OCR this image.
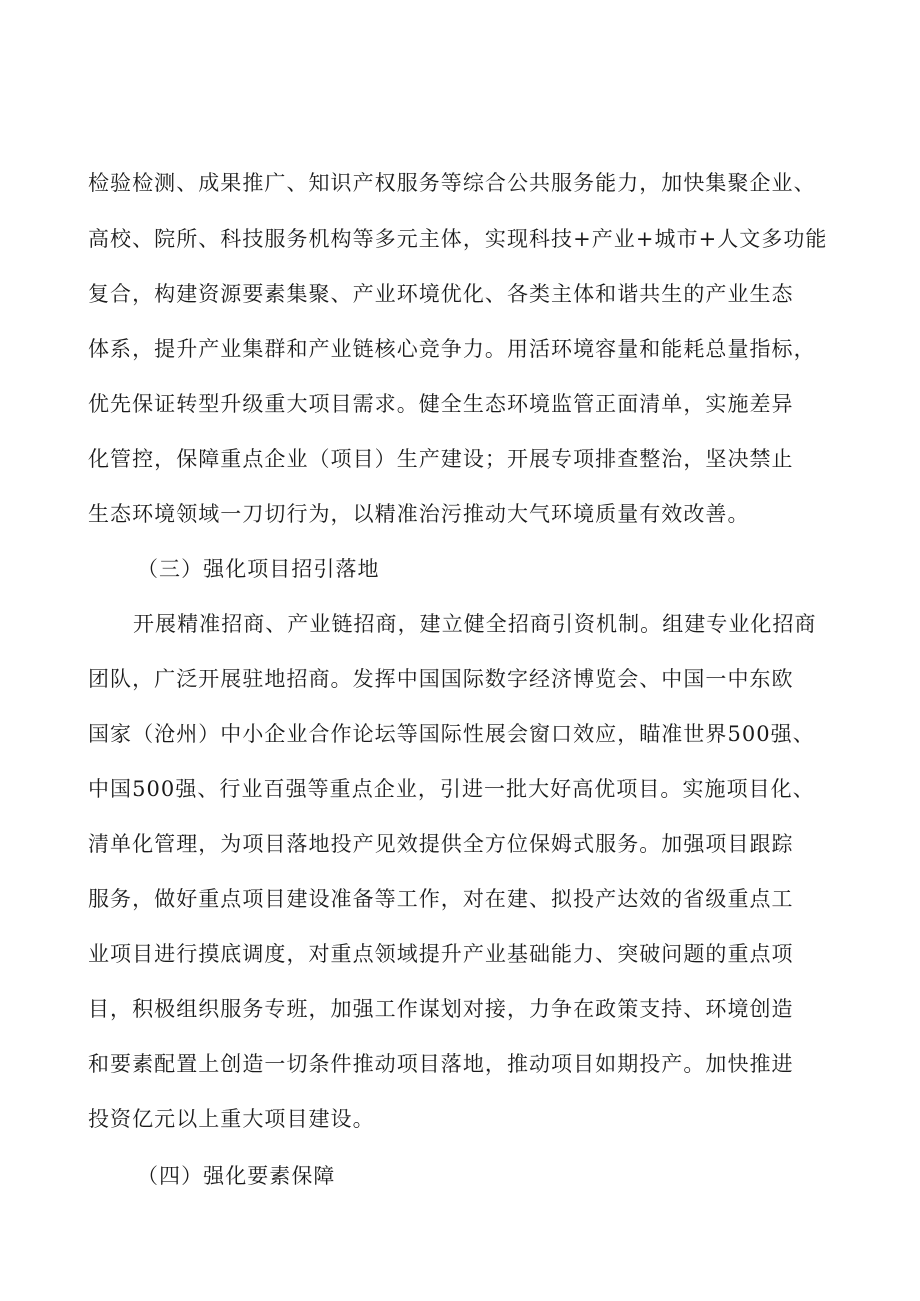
检验检测、成果推广、知识产权服务等综合公共服务能力，加快集聚企业、
高校、院所、科技服务机构等多元主体，实现科技+产业+城市+人文多功能
复合，构建资源要素集聚、产业环境优化、各类主体和谐共生的产业生态
体系，提升产业集群和产业链核心竞争力。用活环境容量和能耗总量指标，
优先保证转型升级重大项目需求。健全生态环境监管正面清单，实施差异
化管控，保障重点企业（项目）生产建设；开展专项排查整治，坚决禁止
生态环境领域一刀切行为，以精准治污推动大气环境质量有效改善。
（三）强化项目招引落地
开展精准招商、产业链招商，建立健全招商引资机制。组建专业化招商
团队，广泛开展驻地招商。发挥中国国际数字经济博览会、中国一中东欧
国家（沧州）中小企业合作论坛等国际性展会窗口效应，瞄准世界500强、
中国500强、行业百强等重点企业，引进一批大好高优项目。实施项目化、
清单化管理，为项目落地投产见效提供全方位保姆式服务。加强项目跟踪
服务，做好重点项目建设准备等工作，对在建、拟投产达效的省级重点工
业项目进行摸底调度，对重点领域提升产业基础能力、突破问题的重点项
目，积极组织服务专班，加强工作谋划对接，力争在政策支持、环境创造
和要素配置上创造一切条件推动项目落地，推动项目如期投产。加快推进
投资亿元以上重大项目建设。
（四）强化要素保障
